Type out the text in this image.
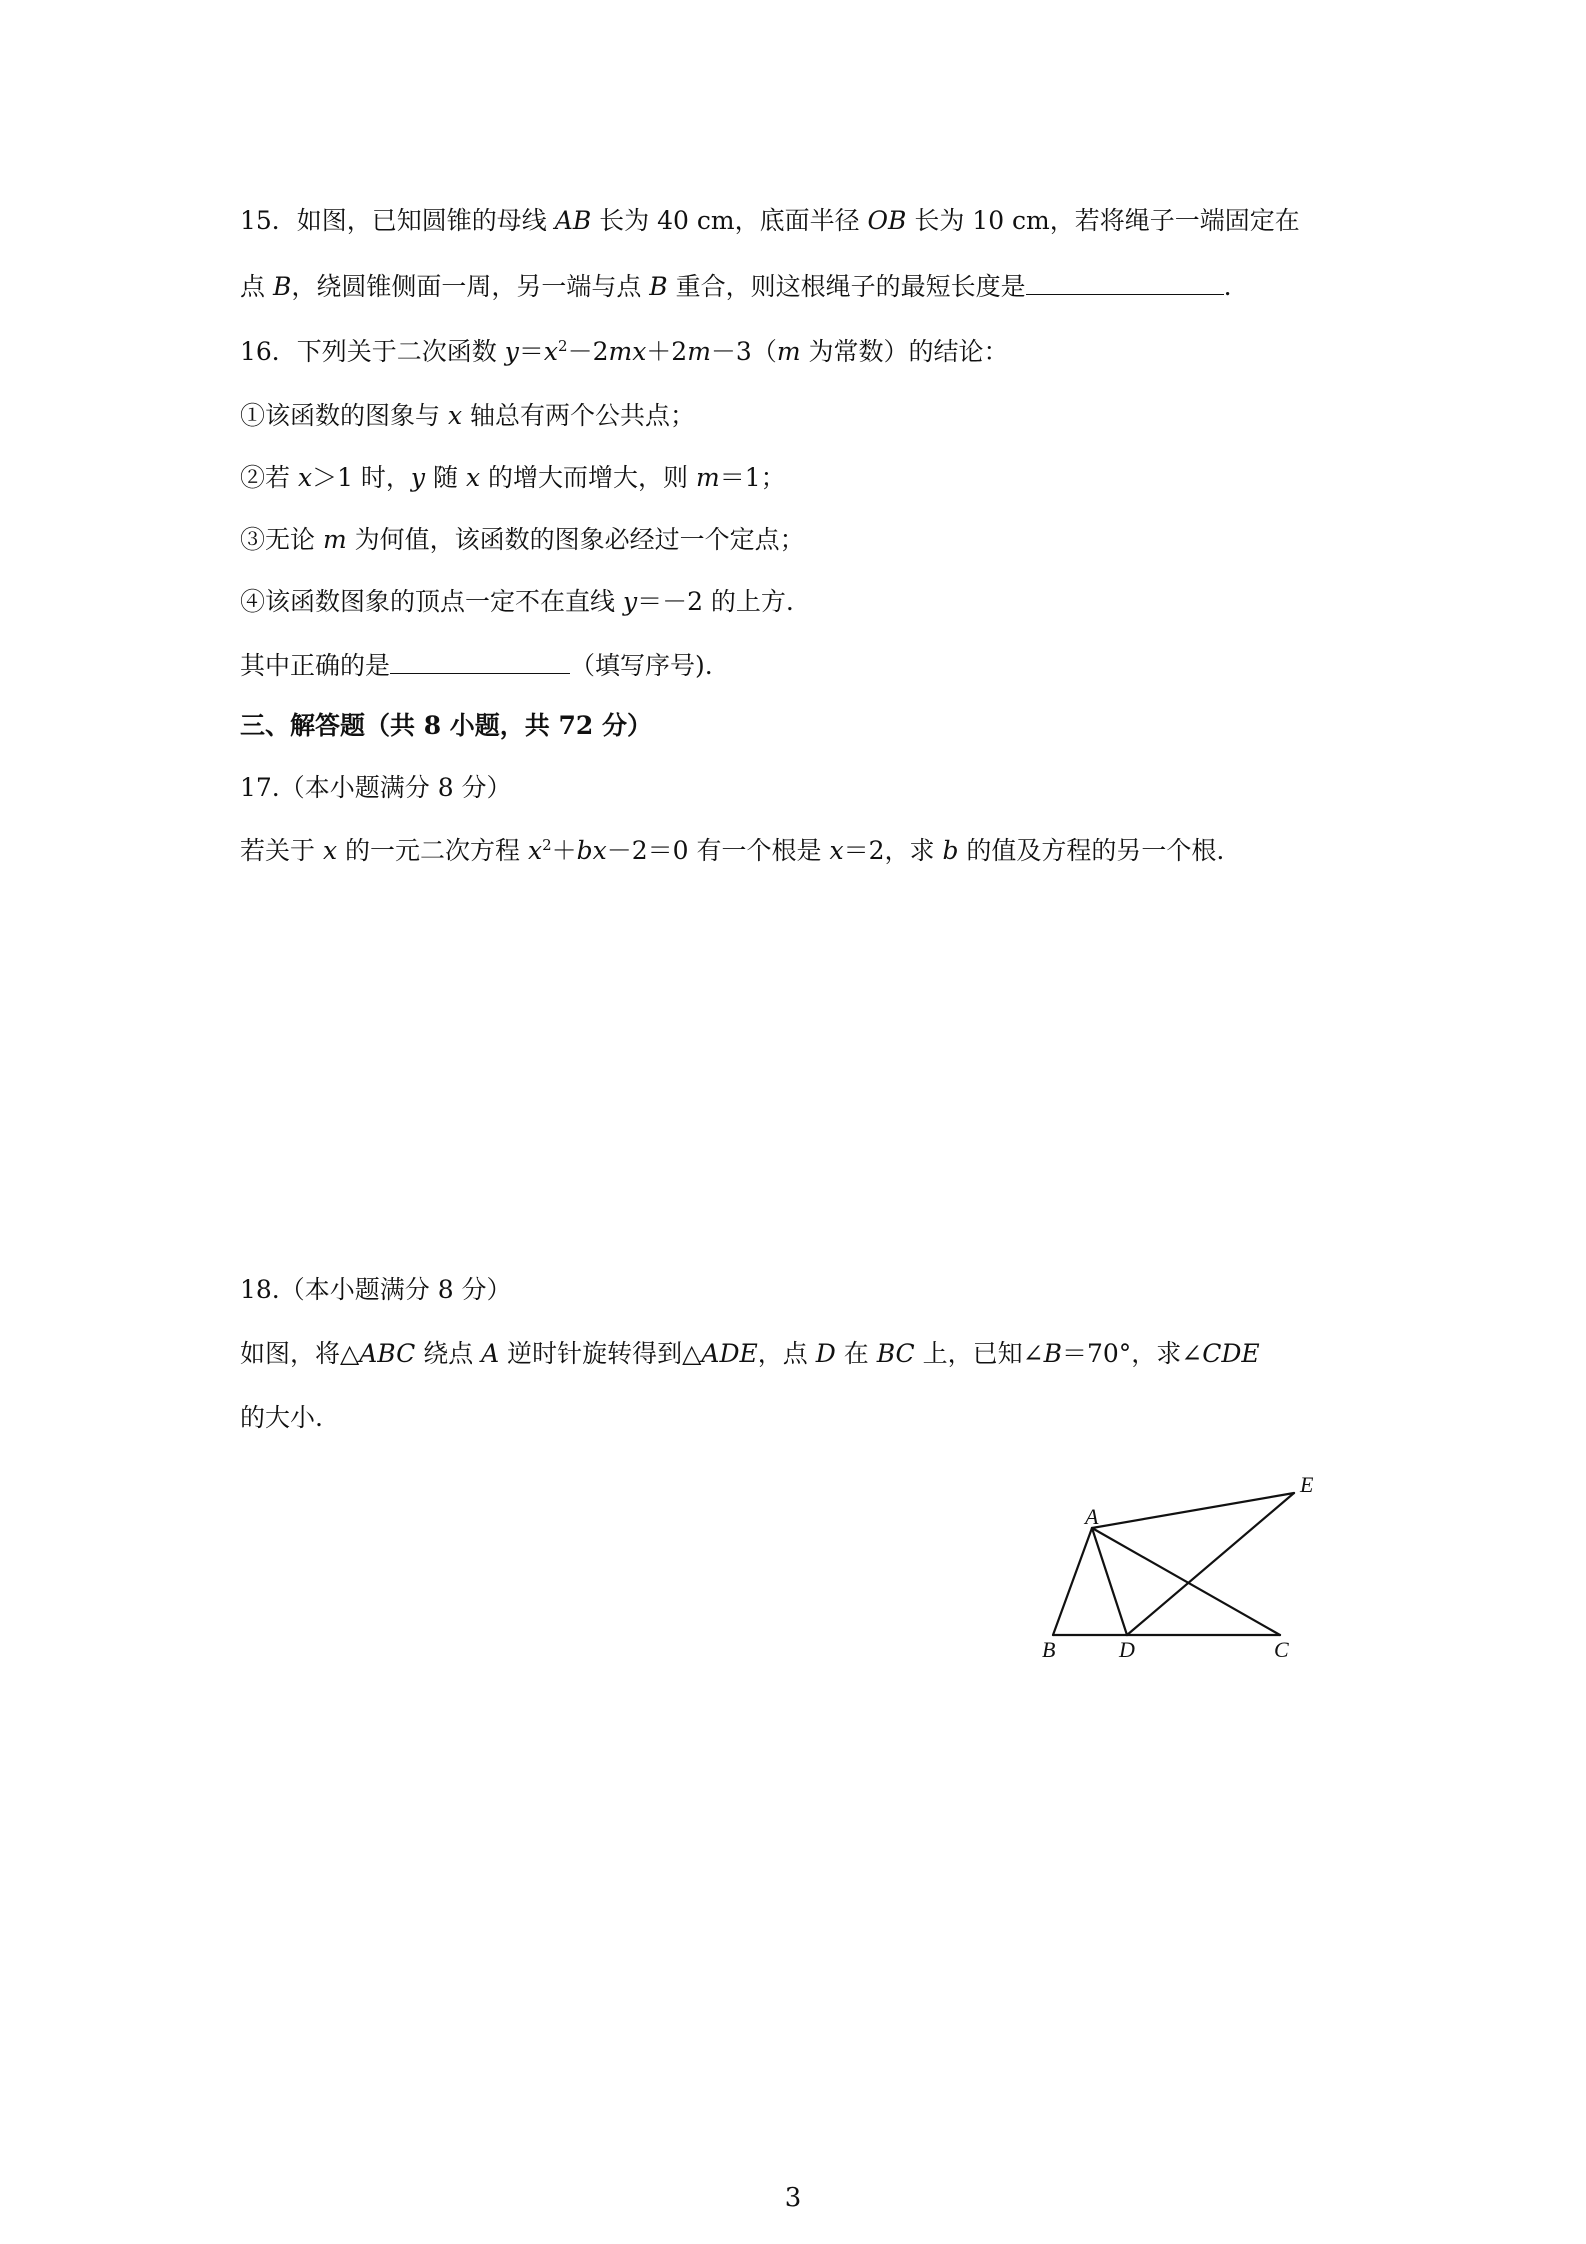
15．如图，已知圆锥的母线 AB 长为 40 cm，底面半径 OB 长为 10 cm，若将绳子一端固定在
点 B，绕圆锥侧面一周，另一端与点 B 重合，则这根绳子的最短长度是	.
16．下列关于二次函数 $y=x^2-2mx+2m-3(m$ 为常数）的结论：
①该函数的图象与 x 轴总有两个公共点；
②若 x＞1 时，y 随 x 的增大而增大，则 m＝1；
③无论 m 为何值，该函数的图象必经过一个定点；
④该函数图象的顶点一定不在直线 y＝－2 的上方.
其中正确的是	（填写序号).
三、解答题（共 8 小题，共 72 分）
17.（本小题满分 8 分）
若关于 x 的一元二次方程 $x^2+bx-2=0$ 有一个根是 x＝2，求 b 的值及方程的另一个根.
18.（本小题满分 8 分）
如图，将△ABC 绕点 A 逆时针旋转得到△ADE，点 D 在 BC 上，已知∠B＝70°，求∠CDE
的大小.
A
B	D	C
E
3
